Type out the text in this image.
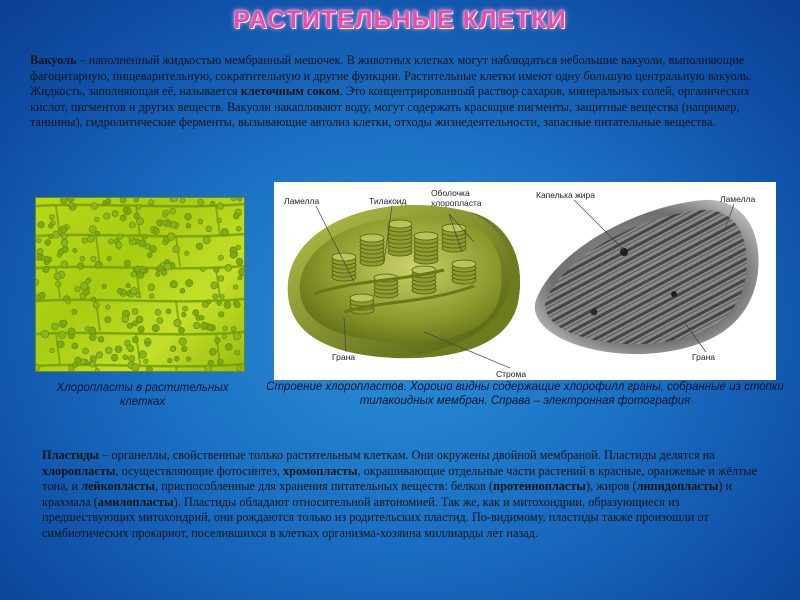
РАСТИТЕЛЬНЫЕ КЛЕТКИ
Вакуоль – наполненный жидкостью мембранный мешочек. В животных клетках могут наблюдаться небольшие вакуоли, выполняющие фагоцитарную, пищеварительную, сократительную и другие функции. Растительные клетки имеют одну большую центральную вакуоль. Жидкость, заполняющая её, называется клеточным соком. Это концентрированный раствор сахаров, минеральных солей, органических кислот, пигментов и других веществ. Вакуоли накапливают воду, могут содержать красящие пигменты, защитные вещества (например, таннины), гидролитические ферменты, вызывающие автолиз клетки, отходы жизнедеятельности, запасные питательные вещества.
Хлоропласты в растительных клетках
Ламелла	Тилакоид
Оболочка
хлоропласта
Капелька жира	Ламелла
Грана
Строма
Грана
Строение хлоропластов. Хорошо видны содержащие хлорофилл граны, собранные из стопки тилакоидных мембран. Справа – электронная фотография
Пластиды – органеллы, свойственные только растительным клеткам. Они окружены двойной мембраной. Пластиды делятся на хлоропласты, осуществляющие фотосинтез, хромопласты, окрашивающие отдельные части растений в красные, оранжевые и жёлтые тона, и лейкопласты, приспособленные для хранения питательных веществ: белков (протеинопласты), жиров (липидопласты) и крахмала (амилопласты). Пластиды обладают относительной автономией. Так же, как и митохондрии, образующиеся из предшествующих митохондрий, они рождаются только из родительских пластид. По-видимому, пластиды также произошли от симбиотических прокариот, поселившихся в клетках организма-хозяина миллиарды лет назад.
